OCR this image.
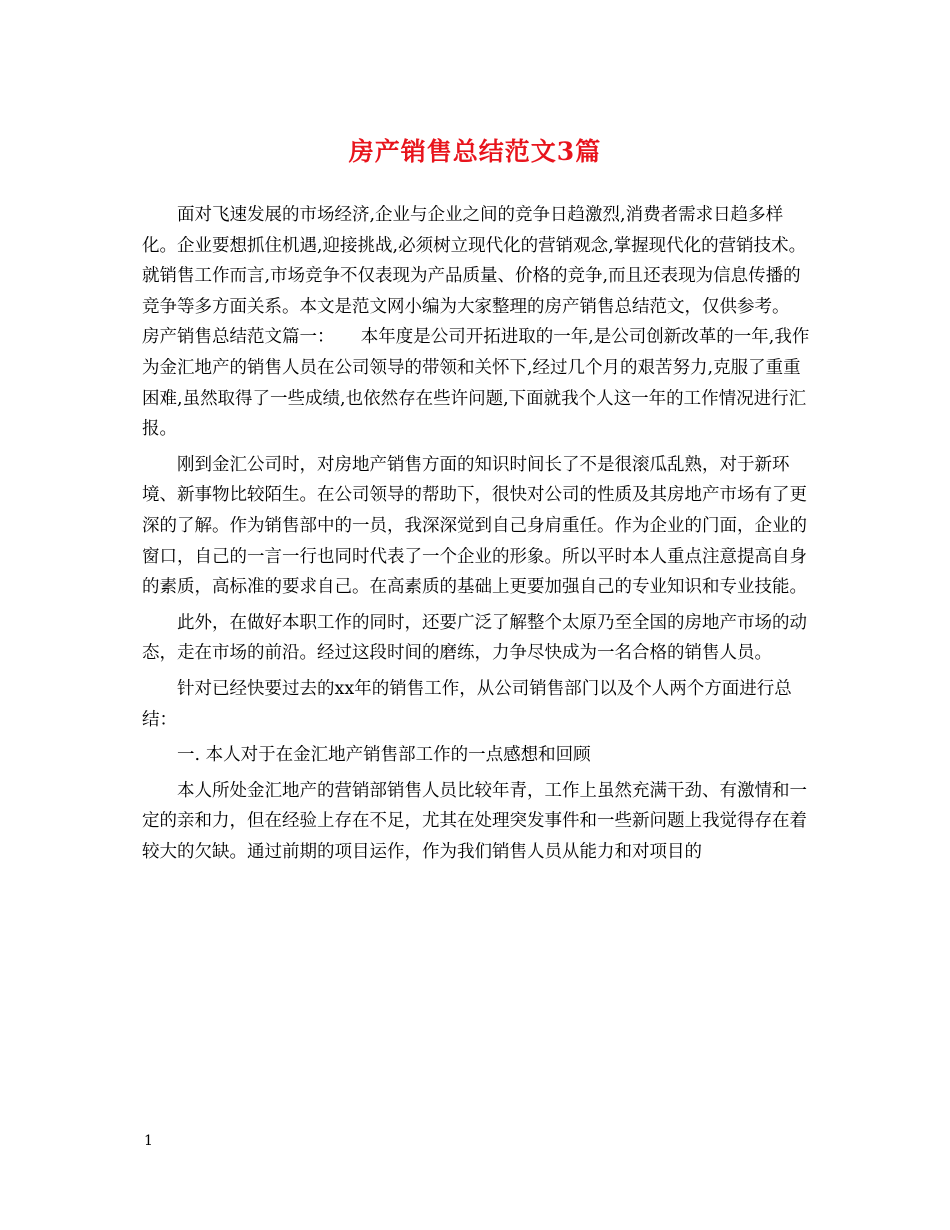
房产销售总结范文3篇

面对飞速发展的市场经济,企业与企业之间的竞争日趋激烈,消费者需求日趋多样化。企业要想抓住机遇,迎接挑战,必须树立现代化的营销观念,掌握现代化的营销技术。就销售工作而言,市场竞争不仅表现为产品质量、价格的竞争,而且还表现为信息传播的竞争等多方面关系。本文是范文网小编为大家整理的房产销售总结范文，仅供参考。

房产销售总结范文篇一：　　本年度是公司开拓进取的一年,是公司创新改革的一年,我作为金汇地产的销售人员在公司领导的带领和关怀下,经过几个月的艰苦努力,克服了重重困难,虽然取得了一些成绩,也依然存在些许问题,下面就我个人这一年的工作情况进行汇报。

刚到金汇公司时，对房地产销售方面的知识时间长了不是很滚瓜乱熟，对于新环境、新事物比较陌生。在公司领导的帮助下，很快对公司的性质及其房地产市场有了更深的了解。作为销售部中的一员，我深深觉到自己身肩重任。作为企业的门面，企业的窗口，自己的一言一行也同时代表了一个企业的形象。所以平时本人重点注意提高自身的素质，高标准的要求自己。在高素质的基础上更要加强自己的专业知识和专业技能。

此外，在做好本职工作的同时，还要广泛了解整个太原乃至全国的房地产市场的动态，走在市场的前沿。经过这段时间的磨练，力争尽快成为一名合格的销售人员。

针对已经快要过去的xx年的销售工作，从公司销售部门以及个人两个方面进行总结：

一. 本人对于在金汇地产销售部工作的一点感想和回顾

本人所处金汇地产的营销部销售人员比较年青，工作上虽然充满干劲、有激情和一定的亲和力，但在经验上存在不足，尤其在处理突发事件和一些新问题上我觉得存在着较大的欠缺。通过前期的项目运作，作为我们销售人员从能力和对项目的

1
